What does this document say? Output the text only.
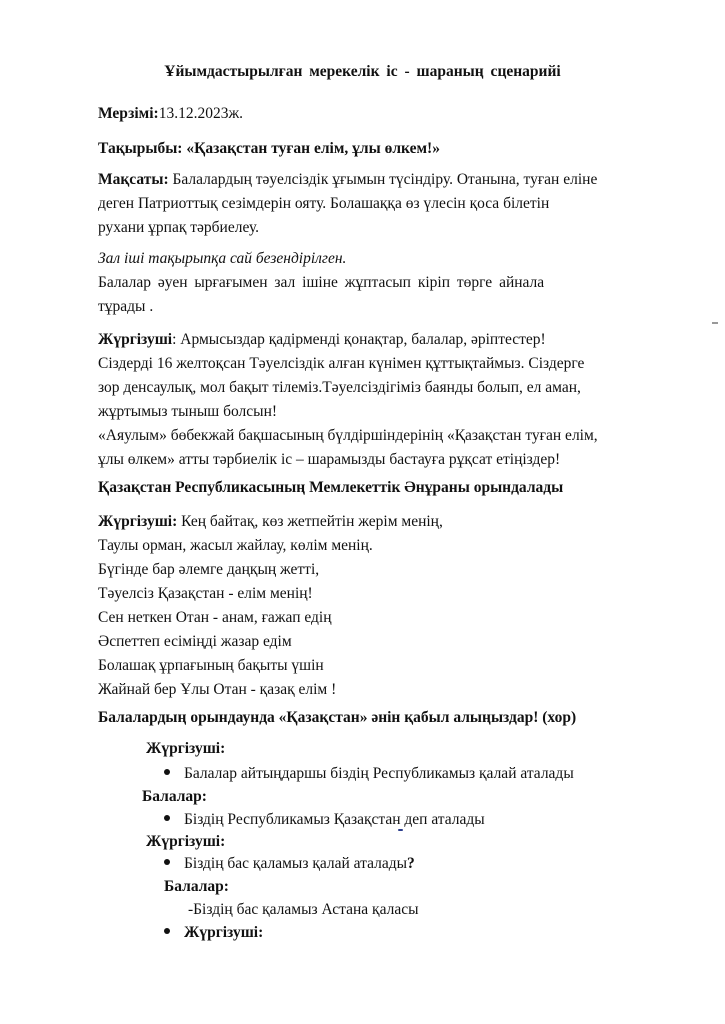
Ұйымдастырылған мерекелік іс - шараның сценарийі
Мерзімі:13.12.2023ж.
Тақырыбы: «Қазақстан туған елім, ұлы өлкем!»
Мақсаты: Балалардың тәуелсіздік ұғымын түсіндіру. Отанына, туған еліне
деген Патриоттық сезімдерін ояту. Болашаққа өз үлесін қоса білетін
рухани ұрпақ тәрбиелеу.
Зал іші тақырыпқа сай безендірілген.
Балалар әуен ырғағымен зал ішіне жұптасып кіріп төрге айнала
тұрады .
Жүргізуші: Армысыздар қадірменді қонақтар, балалар, әріптестер!
Сіздерді 16 желтоқсан Тәуелсіздік алған күнімен құттықтаймыз. Сіздерге
зор денсаулық, мол бақыт тілеміз.Тәуелсіздігіміз баянды болып, ел аман,
жұртымыз тыныш болсын!
«Аяулым» бөбекжай бақшасының бүлдіршіндерінің «Қазақстан туған елім,
ұлы өлкем» атты тәрбиелік іс – шарамызды бастауға рұқсат етіңіздер!
Қазақстан Республикасының Мемлекеттік Әнұраны орындалады
Жүргізуші: Кең байтақ, көз жетпейтін жерім менің,
Таулы орман, жасыл жайлау, көлім менің.
Бүгінде бар әлемге даңқың жетті,
Тәуелсіз Қазақстан - елім менің!
Сен неткен Отан - анам, ғажап едің
Әспеттеп есіміңді жазар едім
Болашақ ұрпағының бақыты үшін
Жайнай бер Ұлы Отан - қазақ елім !
Балалардың орындаунда «Қазақстан» әнін қабыл алыңыздар! (хор)
Жүргізуші:
Балалар айтыңдаршы біздің Республикамыз қалай аталады
Балалар:
Біздің Республикамыз Қазақстан деп аталады
Жүргізуші:
Біздің бас қаламыз қалай аталады?
Балалар:
-Біздің бас қаламыз Астана қаласы
Жүргізуші:
